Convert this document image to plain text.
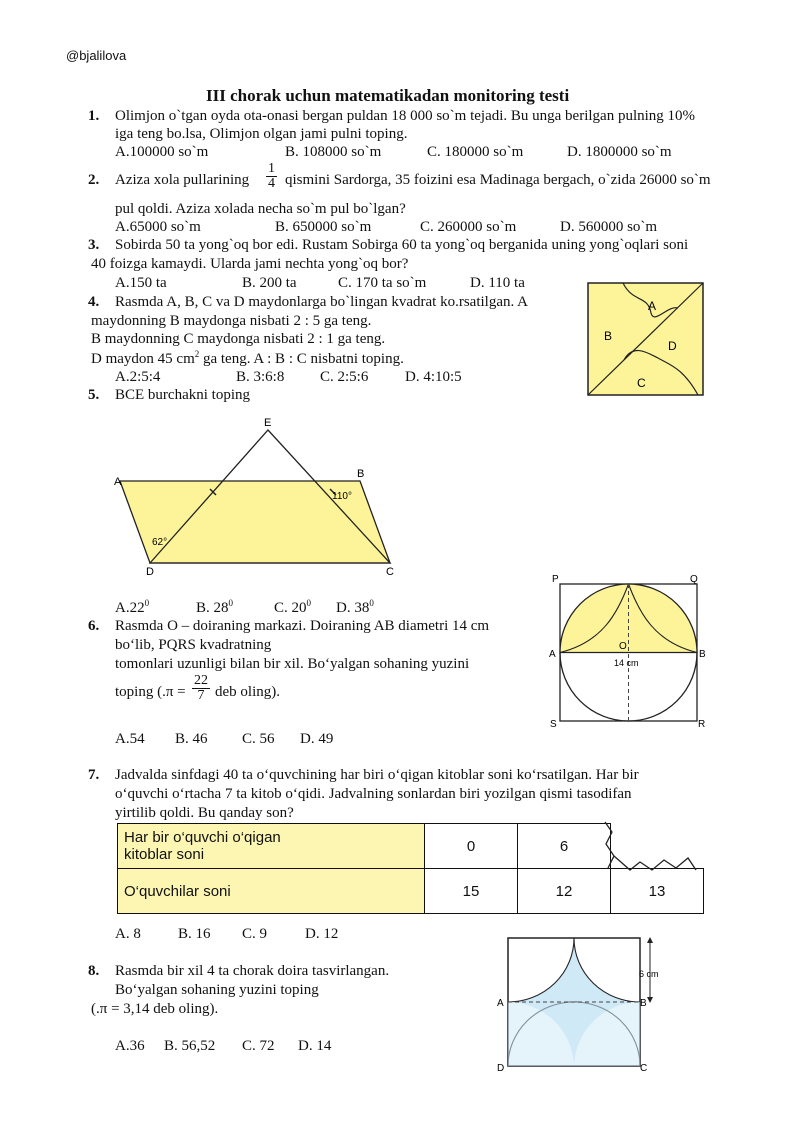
@bjalilova
III chorak uchun matematikadan monitoring testi
1. Olimjon o`tgan oyda ota-onasi bergan puldan 18 000 so`m tejadi. Bu unga berilgan pulning 10%
iga teng bo.lsa, Olimjon olgan jami pulni toping.
A.100000 so`m	B. 108000 so`m	C. 180000 so`m	D. 1800000 so`m
2. Aziza xola pullarining $\frac{1}{4}$ qismini Sardorga, 35 foizini esa Madinaga bergach, o`zida 26000 so`m
pul qoldi. Aziza xolada necha so`m pul bo`lgan?
A.65000 so`m	B. 650000 so`m	C. 260000 so`m	D. 560000 so`m
3. Sobirda 50 ta yong`oq bor edi. Rustam Sobirga 60 ta yong`oq berganida uning yong`oqlari soni
40 foizga kamaydi. Ularda jami nechta yong`oq bor?
A.150 ta	B. 200 ta	C. 170 ta so`m	D. 110 ta
4. Rasmda A, B, C va D maydonlarga bo`lingan kvadrat ko.rsatilgan. A
maydonning B maydonga nisbati 2 : 5 ga teng.
B maydonning C maydonga nisbati 2 : 1 ga teng.
D maydon 45 $cm^2$ ga teng. A : B : C nisbatni toping.
A.2:5:4	B. 3:6:8 C. 2:5:6 D. 4:10:5
A
B
D
C
5. BCE burchakni toping
E
A
B
D	C
110°
62°
$A.22^0$	B. $28^0$	C. $20^0$ D. $38^0$
6. Rasmda O – doiraning markazi. Doiraning AB diametri 14 cm
bo‘lib, PQRS kvadratning
tomonlari uzunligi bilan bir xil. Bo‘yalgan sohaning yuzini
toping ($.\pi = \frac{22}{7}$ deb oling).
A.54 B. 46 C. 56 D. 49
P	Q
A	B
O
14 cm
S	R
7. Jadvalda sinfdagi 40 ta o‘quvchining har biri o‘qigan kitoblar soni ko‘rsatilgan. Har bir
o‘quvchi o‘rtacha 7 ta kitob o‘qidi. Jadvalning sonlardan biri yozilgan qismi tasodifan
yirtilib qoldi. Bu qanday son?
Har bir o‘quvchi o‘qigan
kitoblar soni	0	6	
O‘quvchilar soni	15	12	13
A. 8 B. 16 C. 9	D. 12
8. Rasmda bir xil 4 ta chorak doira tasvirlangan.
Bo‘yalgan sohaning yuzini toping
(.π = 3,14 deb oling).
A.36 B. 56,52 C. 72 D. 14
6 cm
A	B
D	C
